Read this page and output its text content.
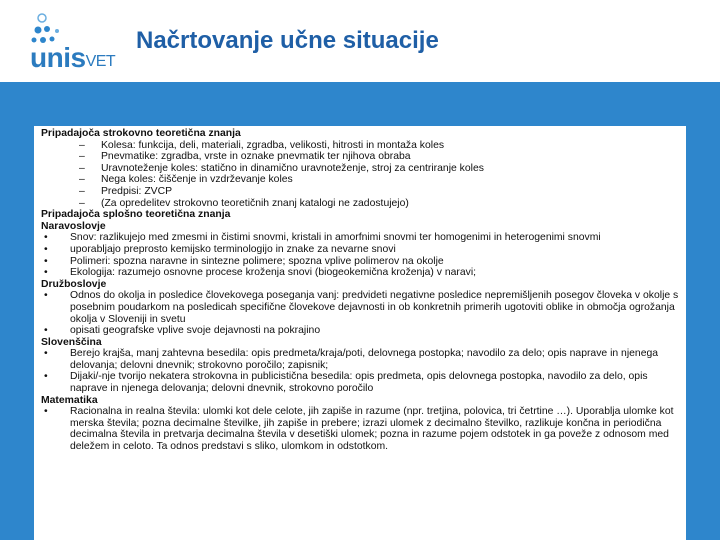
unisVET
Načrtovanje učne situacije
Pripadajoča strokovno teoretična znanja
– Kolesa: funkcija, deli, materiali, zgradba, velikosti, hitrosti in montaža koles
– Pnevmatike: zgradba, vrste in oznake pnevmatik ter njihova obraba
– Uravnoteženje koles: statično in dinamično uravnoteženje, stroj za centriranje koles
– Nega koles: čiščenje in vzdrževanje koles
– Predpisi: ZVCP
– (Za opredelitev strokovno teoretičnih znanj katalogi ne zadostujejo)
Pripadajoča splošno teoretična znanja
Naravoslovje
• Snov: razlikujejo med zmesmi in čistimi snovmi, kristali in amorfnimi snovmi ter homogenimi in heterogenimi snovmi
• uporabljajo preprosto kemijsko terminologijo in znake za nevarne snovi
• Polimeri: spozna naravne in sintezne polimere; spozna vplive polimerov na okolje
• Ekologija: razumejo osnovne procese kroženja snovi (biogeokemična kroženja) v naravi;
Družboslovje
• Odnos do okolja in posledice človekovega poseganja vanj: predvideti negativne posledice nepremišljenih posegov človeka v okolje s posebnim poudarkom na posledicah specifične človekove dejavnosti in ob konkretnih primerih ugotoviti oblike in območja ogrožanja okolja v Sloveniji in svetu
• opisati geografske vplive svoje dejavnosti na pokrajino
Slovenščina
• Berejo krajša, manj zahtevna besedila: opis predmeta/kraja/poti, delovnega postopka; navodilo za delo; opis naprave in njenega delovanja; delovni dnevnik; strokovno poročilo; zapisnik;
• Dijaki/-nje tvorijo nekatera strokovna in publicistična besedila: opis predmeta, opis delovnega postopka, navodilo za delo, opis naprave in njenega delovanja; delovni dnevnik, strokovno poročilo
Matematika
• Racionalna in realna števila: ulomki kot dele celote, jih zapiše in razume (npr. tretjina, polovica, tri četrtine …). Uporablja ulomke kot merska števila; pozna decimalne številke, jih zapiše in prebere; izrazi ulomek z decimalno številko, razlikuje končna in periodična decimalna števila in pretvarja decimalna števila v desetiški ulomek; pozna in razume pojem odstotek in ga poveže z odnosom med deležem in celoto. Ta odnos predstavi s sliko, ulomkom in odstotkom.
